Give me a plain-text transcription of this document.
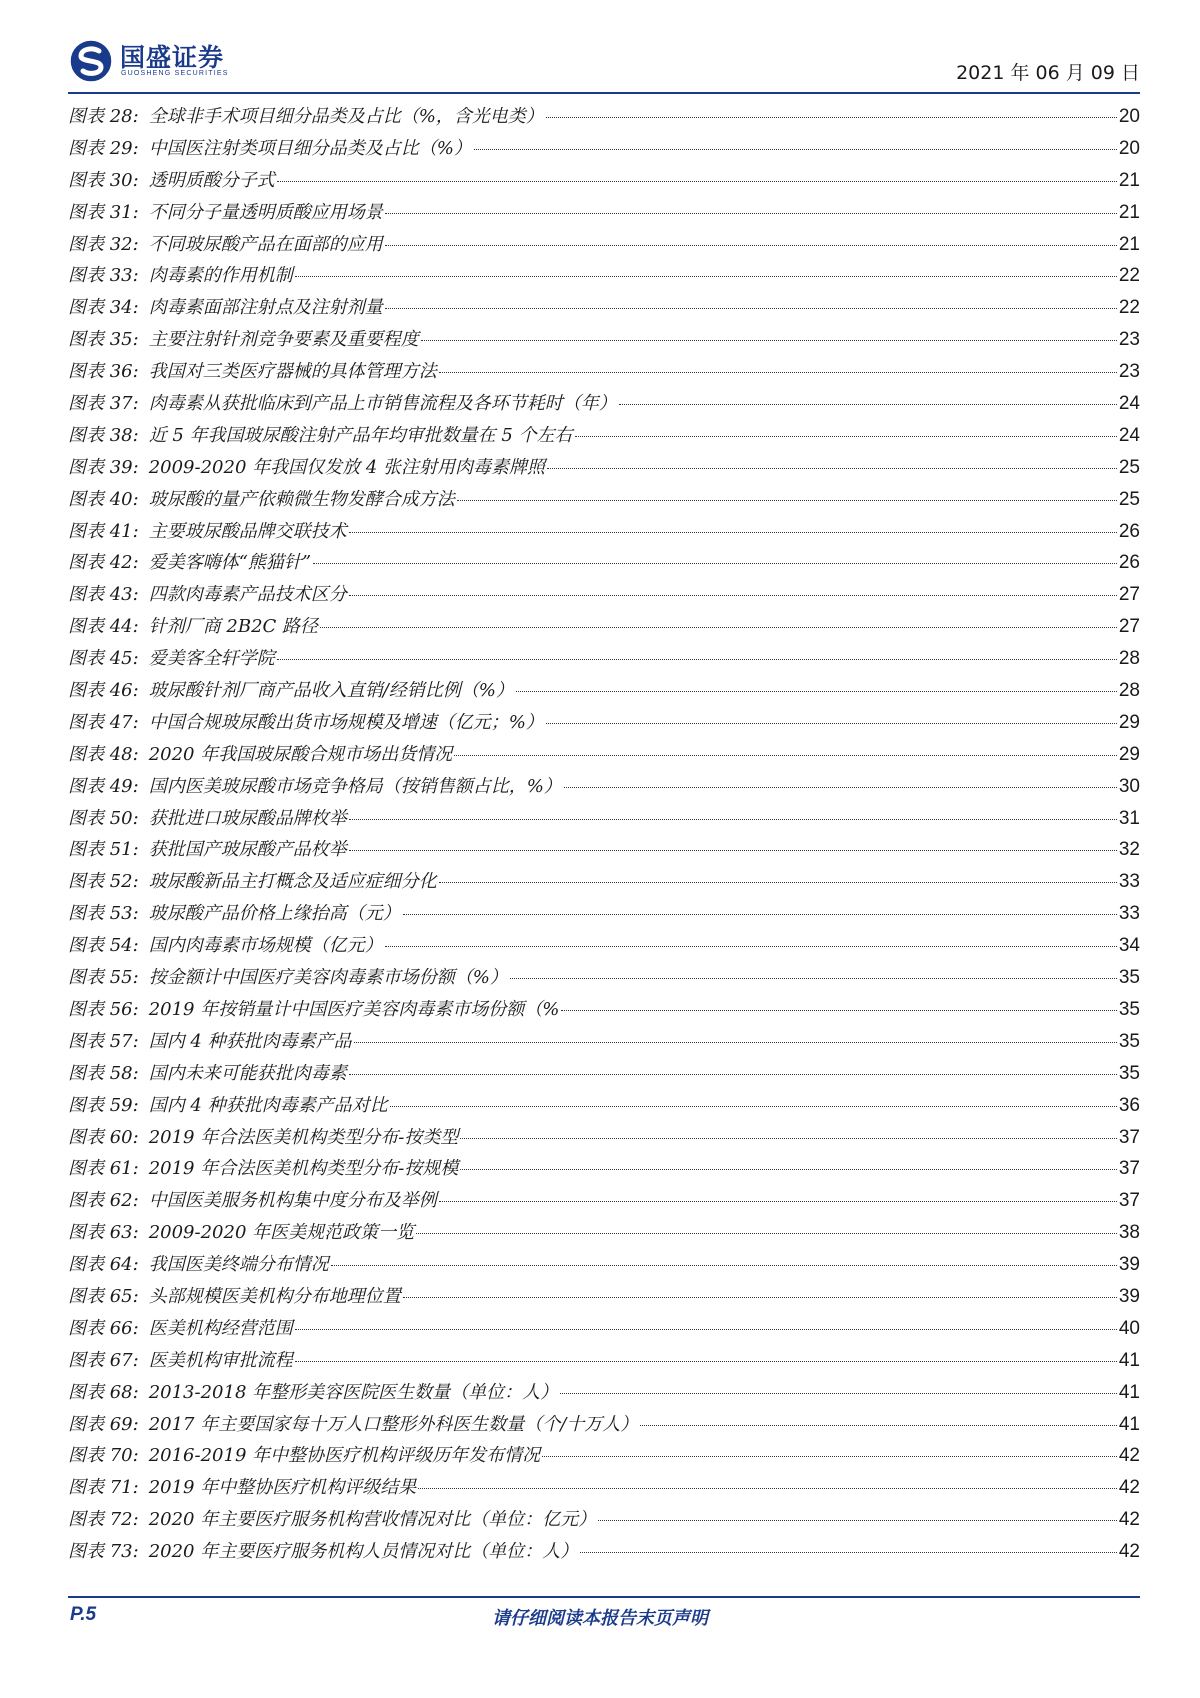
国盛证券
GUOSHENG SECURITIES	2021 年 06 月 09 日
图表 28: 全球非手术项目细分品类及占比（%，含光电类）	20
图表 29: 中国医注射类项目细分品类及占比（%）	20
图表 30: 透明质酸分子式	21
图表 31: 不同分子量透明质酸应用场景	21
图表 32: 不同玻尿酸产品在面部的应用	21
图表 33: 肉毒素的作用机制	22
图表 34: 肉毒素面部注射点及注射剂量	22
图表 35: 主要注射针剂竞争要素及重要程度	23
图表 36: 我国对三类医疗器械的具体管理方法	23
图表 37: 肉毒素从获批临床到产品上市销售流程及各环节耗时（年）	24
图表 38: 近 5 年我国玻尿酸注射产品年均审批数量在 5 个左右	24
图表 39: 2009-2020 年我国仅发放 4 张注射用肉毒素牌照	25
图表 40: 玻尿酸的量产依赖微生物发酵合成方法	25
图表 41: 主要玻尿酸品牌交联技术	26
图表 42: 爱美客嗨体“熊猫针”	26
图表 43: 四款肉毒素产品技术区分	27
图表 44: 针剂厂商 2B2C 路径	27
图表 45: 爱美客全轩学院	28
图表 46: 玻尿酸针剂厂商产品收入直销/经销比例（%）	28
图表 47: 中国合规玻尿酸出货市场规模及增速（亿元；%）	29
图表 48: 2020 年我国玻尿酸合规市场出货情况	29
图表 49: 国内医美玻尿酸市场竞争格局（按销售额占比，%）	30
图表 50: 获批进口玻尿酸品牌枚举	31
图表 51: 获批国产玻尿酸产品枚举	32
图表 52: 玻尿酸新品主打概念及适应症细分化	33
图表 53: 玻尿酸产品价格上缘抬高（元）	33
图表 54: 国内肉毒素市场规模（亿元）	34
图表 55: 按金额计中国医疗美容肉毒素市场份额（%）	35
图表 56: 2019 年按销量计中国医疗美容肉毒素市场份额（%	35
图表 57: 国内 4 种获批肉毒素产品	35
图表 58: 国内未来可能获批肉毒素	35
图表 59: 国内 4 种获批肉毒素产品对比	36
图表 60: 2019 年合法医美机构类型分布-按类型	37
图表 61: 2019 年合法医美机构类型分布-按规模	37
图表 62: 中国医美服务机构集中度分布及举例	37
图表 63: 2009-2020 年医美规范政策一览	38
图表 64: 我国医美终端分布情况	39
图表 65: 头部规模医美机构分布地理位置	39
图表 66: 医美机构经营范围	40
图表 67: 医美机构审批流程	41
图表 68: 2013-2018 年整形美容医院医生数量（单位：人）	41
图表 69: 2017 年主要国家每十万人口整形外科医生数量（个/十万人）	41
图表 70: 2016-2019 年中整协医疗机构评级历年发布情况	42
图表 71: 2019 年中整协医疗机构评级结果	42
图表 72: 2020 年主要医疗服务机构营收情况对比（单位：亿元）	42
图表 73: 2020 年主要医疗服务机构人员情况对比（单位：人）	42
P.5	请仔细阅读本报告末页声明
